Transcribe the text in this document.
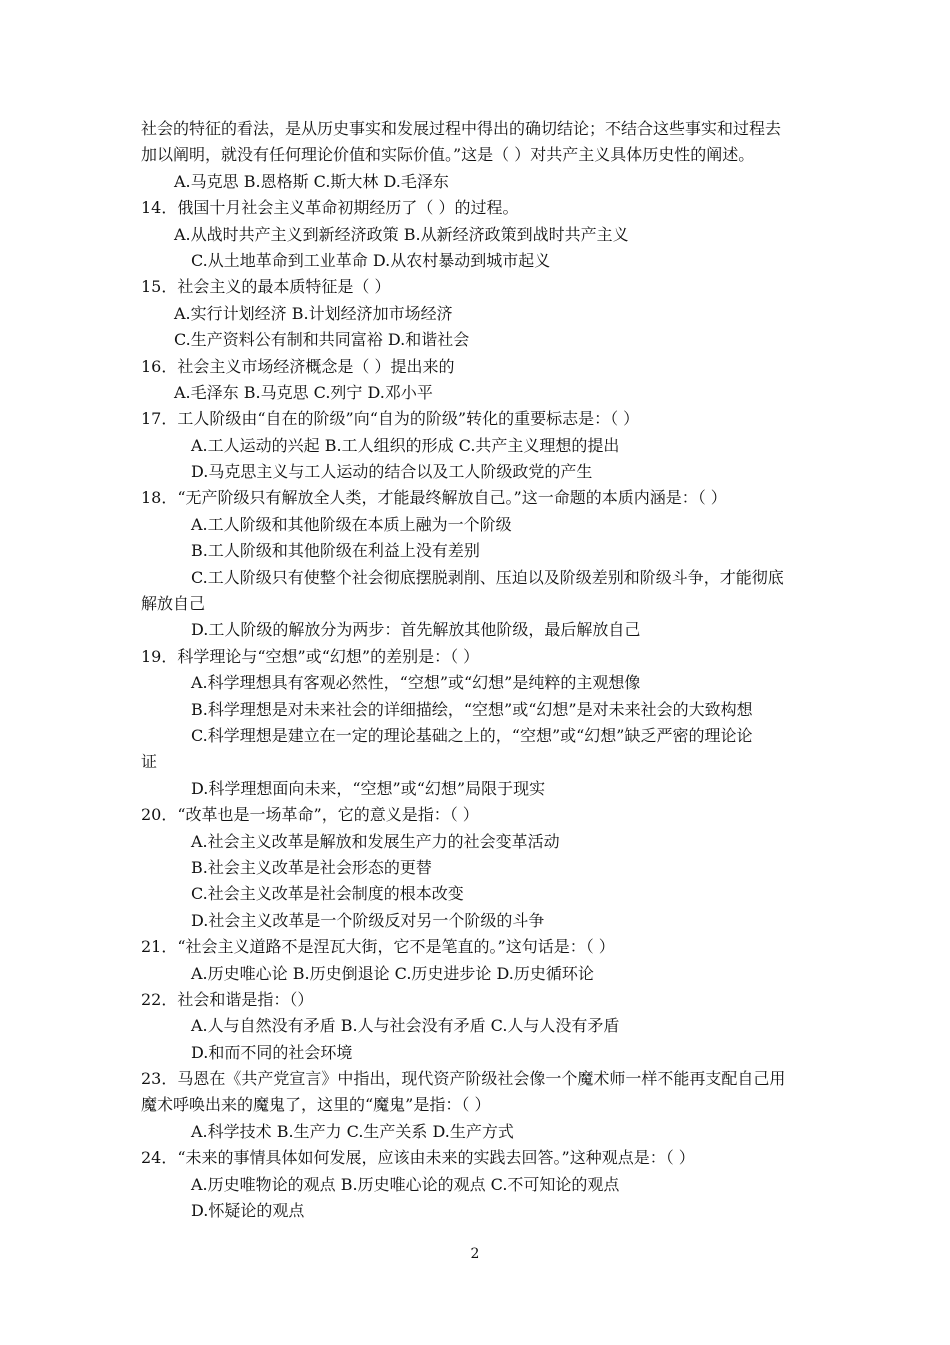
社会的特征的看法，是从历史事实和发展过程中得出的确切结论；不结合这些事实和过程去
加以阐明，就没有任何理论价值和实际价值。”这是（ ）对共产主义具体历史性的阐述。
A.马克思 B.恩格斯 C.斯大林 D.毛泽东
14．俄国十月社会主义革命初期经历了（ ）的过程。
A.从战时共产主义到新经济政策 B.从新经济政策到战时共产主义
C.从土地革命到工业革命 D.从农村暴动到城市起义
15．社会主义的最本质特征是（ ）
A.实行计划经济 B.计划经济加市场经济
C.生产资料公有制和共同富裕 D.和谐社会
16．社会主义市场经济概念是（ ）提出来的
A.毛泽东 B.马克思 C.列宁 D.邓小平
17．工人阶级由“自在的阶级”向“自为的阶级”转化的重要标志是：（ ）
A.工人运动的兴起 B.工人组织的形成 C.共产主义理想的提出
D.马克思主义与工人运动的结合以及工人阶级政党的产生
18．“无产阶级只有解放全人类，才能最终解放自己。”这一命题的本质内涵是：（ ）
A.工人阶级和其他阶级在本质上融为一个阶级
B.工人阶级和其他阶级在利益上没有差别
C.工人阶级只有使整个社会彻底摆脱剥削、压迫以及阶级差别和阶级斗争，才能彻底
解放自己
D.工人阶级的解放分为两步：首先解放其他阶级，最后解放自己
19．科学理论与“空想”或“幻想”的差别是：（ ）
A.科学理想具有客观必然性，“空想”或“幻想”是纯粹的主观想像
B.科学理想是对未来社会的详细描绘，“空想”或“幻想”是对未来社会的大致构想
C.科学理想是建立在一定的理论基础之上的，“空想”或“幻想”缺乏严密的理论论
证
D.科学理想面向未来，“空想”或“幻想”局限于现实
20．“改革也是一场革命”，它的意义是指：（ ）
A.社会主义改革是解放和发展生产力的社会变革活动
B.社会主义改革是社会形态的更替
C.社会主义改革是社会制度的根本改变
D.社会主义改革是一个阶级反对另一个阶级的斗争
21．“社会主义道路不是涅瓦大街，它不是笔直的。”这句话是：（ ）
A.历史唯心论 B.历史倒退论 C.历史进步论 D.历史循环论
22．社会和谐是指：（）
A.人与自然没有矛盾 B.人与社会没有矛盾 C.人与人没有矛盾
D.和而不同的社会环境
23．马恩在《共产党宣言》中指出，现代资产阶级社会像一个魔术师一样不能再支配自己用
魔术呼唤出来的魔鬼了，这里的“魔鬼”是指：（ ）
A.科学技术 B.生产力 C.生产关系 D.生产方式
24．“未来的事情具体如何发展，应该由未来的实践去回答。”这种观点是：（ ）
A.历史唯物论的观点 B.历史唯心论的观点 C.不可知论的观点
D.怀疑论的观点
2
